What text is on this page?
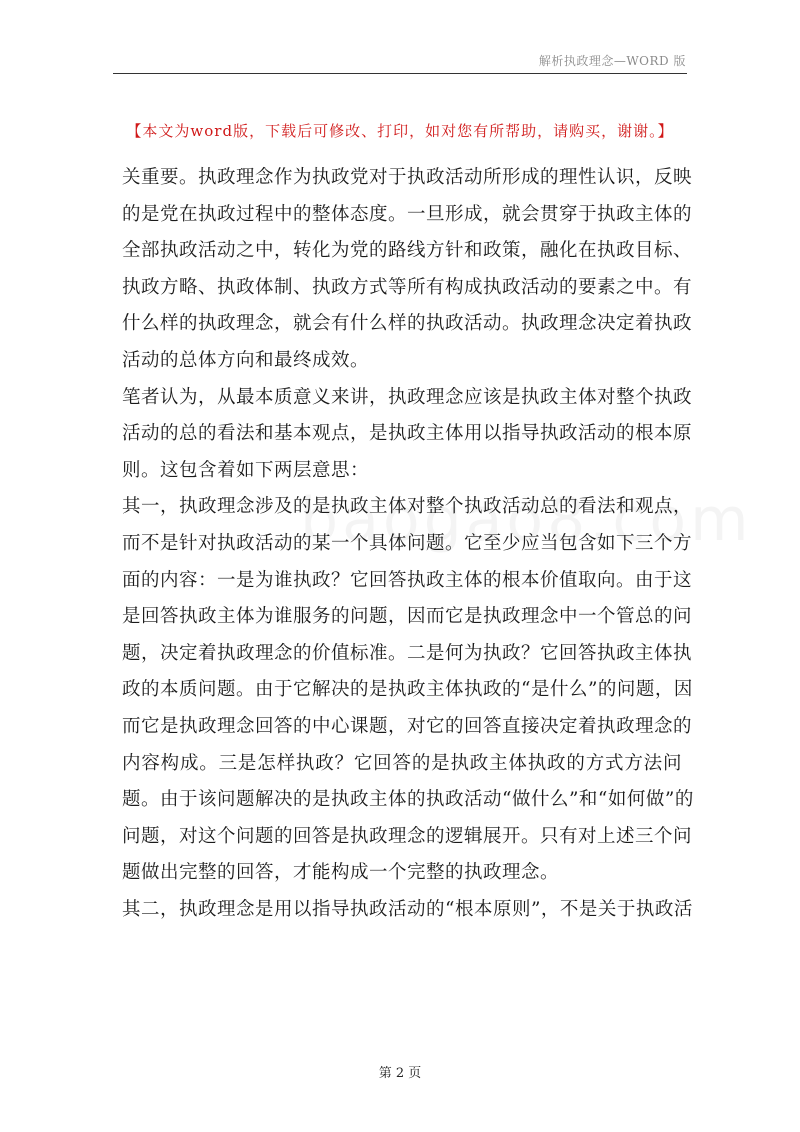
解析执政理念—WORD 版
【本文为word版，下载后可修改、打印，如对您有所帮助，请购买，谢谢。】
关重要。执政理念作为执政党对于执政活动所形成的理性认识，反映
的是党在执政过程中的整体态度。一旦形成，就会贯穿于执政主体的
全部执政活动之中，转化为党的路线方针和政策，融化在执政目标、
执政方略、执政体制、执政方式等所有构成执政活动的要素之中。有
什么样的执政理念，就会有什么样的执政活动。执政理念决定着执政
活动的总体方向和最终成效。
笔者认为，从最本质意义来讲，执政理念应该是执政主体对整个执政
活动的总的看法和基本观点，是执政主体用以指导执政活动的根本原
则。这包含着如下两层意思：
其一，执政理念涉及的是执政主体对整个执政活动总的看法和观点，
而不是针对执政活动的某一个具体问题。它至少应当包含如下三个方
面的内容：一是为谁执政？它回答执政主体的根本价值取向。由于这
是回答执政主体为谁服务的问题，因而它是执政理念中一个管总的问
题，决定着执政理念的价值标准。二是何为执政？它回答执政主体执
政的本质问题。由于它解决的是执政主体执政的“是什么”的问题，因
而它是执政理念回答的中心课题，对它的回答直接决定着执政理念的
内容构成。三是怎样执政？它回答的是执政主体执政的方式方法问
题。由于该问题解决的是执政主体的执政活动“做什么”和“如何做”的
问题，对这个问题的回答是执政理念的逻辑展开。只有对上述三个问
题做出完整的回答，才能构成一个完整的执政理念。
其二，执政理念是用以指导执政活动的“根本原则”，不是关于执政活
第 2 页
